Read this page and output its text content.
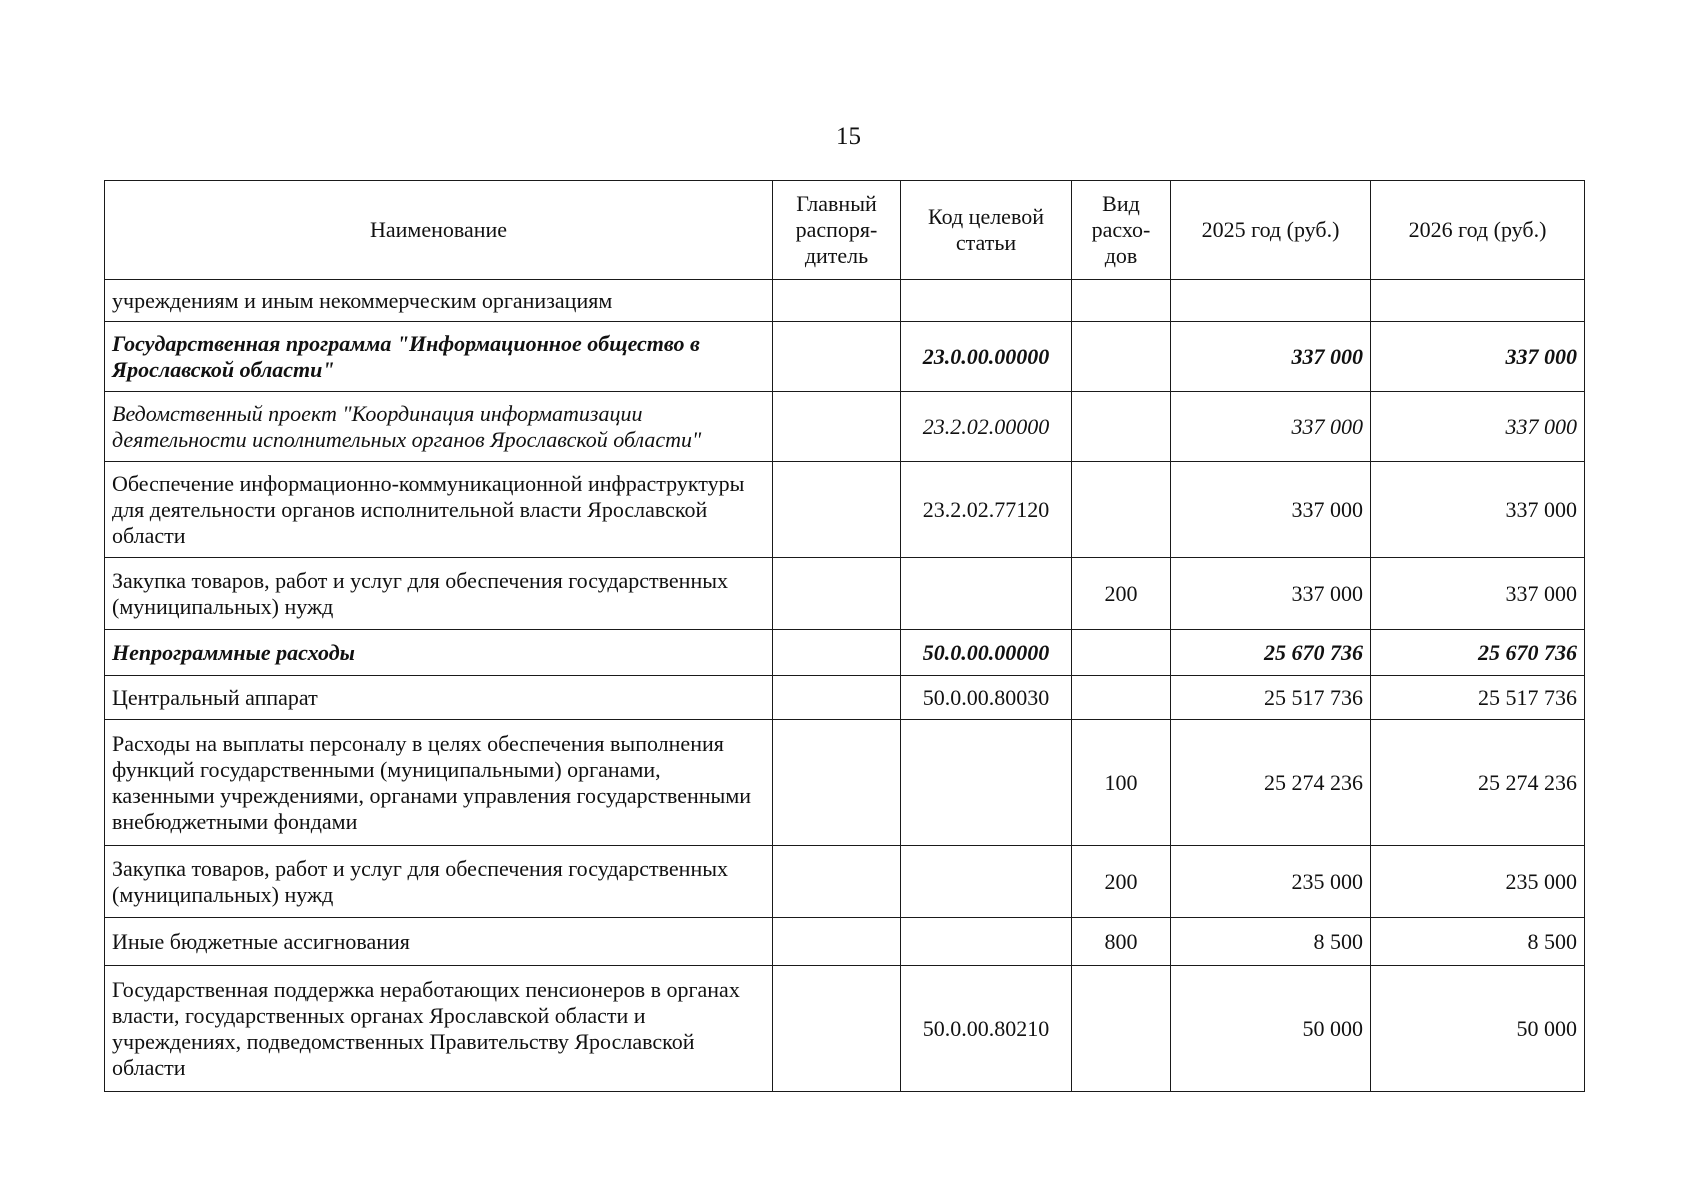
15
Наименование	Главный распоря-дитель	Код целевой статьи	Вид расхо-дов	2025 год (руб.)	2026 год (руб.)
учреждениям и иным некоммерческим организациям					
Государственная программа "Информационное общество в Ярославской области"		23.0.00.00000		337 000	337 000
Ведомственный проект "Координация информатизации деятельности исполнительных органов Ярославской области"		23.2.02.00000		337 000	337 000
Обеспечение информационно-коммуникационной инфраструктуры для деятельности органов исполнительной власти Ярославской области		23.2.02.77120		337 000	337 000
Закупка товаров, работ и услуг для обеспечения государственных (муниципальных) нужд			200	337 000	337 000
Непрограммные расходы		50.0.00.00000		25 670 736	25 670 736
Центральный аппарат		50.0.00.80030		25 517 736	25 517 736
Расходы на выплаты персоналу в целях обеспечения выполнения функций государственными (муниципальными) органами, казенными учреждениями, органами управления государственными внебюджетными фондами			100	25 274 236	25 274 236
Закупка товаров, работ и услуг для обеспечения государственных (муниципальных) нужд			200	235 000	235 000
Иные бюджетные ассигнования			800	8 500	8 500
Государственная поддержка неработающих пенсионеров в органах власти, государственных органах Ярославской области и учреждениях, подведомственных Правительству Ярославской области		50.0.00.80210		50 000	50 000
